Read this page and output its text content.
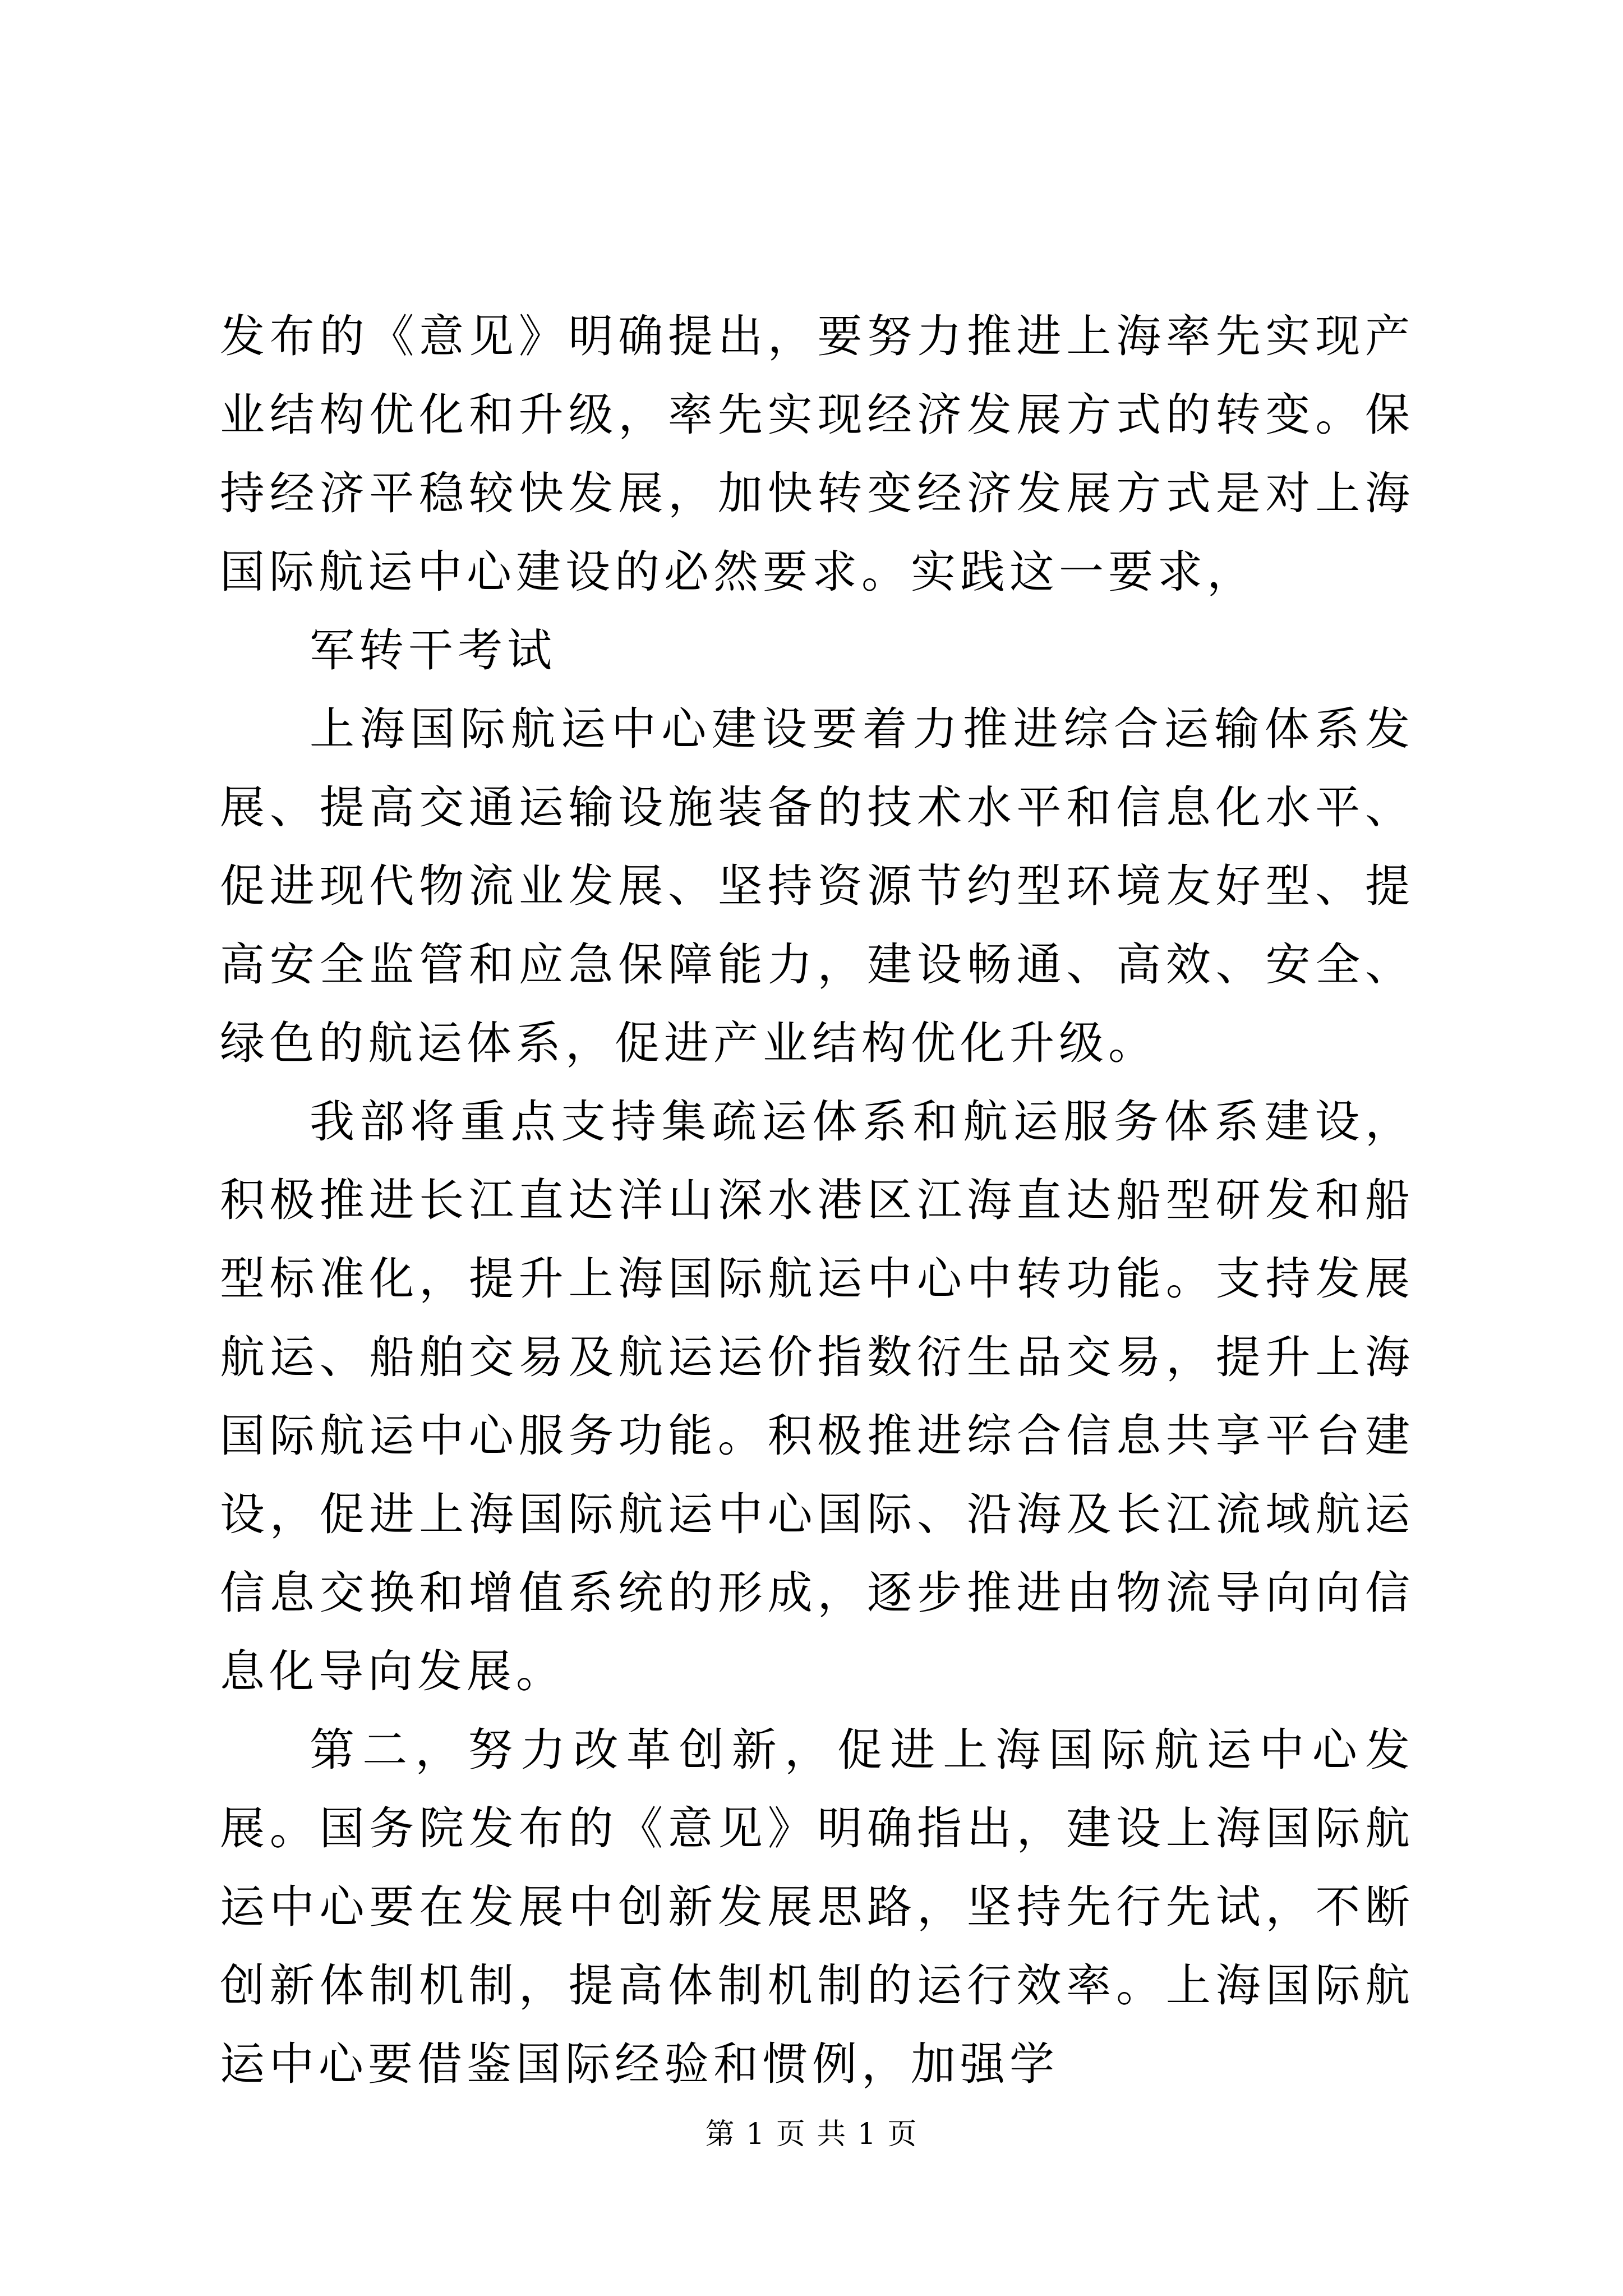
发布的《意见》明确提出，要努力推进上海率先实现产业结构优化和升级，率先实现经济发展方式的转变。保持经济平稳较快发展，加快转变经济发展方式是对上海国际航运中心建设的必然要求。实践这一要求，

军转干考试

上海国际航运中心建设要着力推进综合运输体系发展、提高交通运输设施装备的技术水平和信息化水平、促进现代物流业发展、坚持资源节约型环境友好型、提高安全监管和应急保障能力，建设畅通、高效、安全、绿色的航运体系，促进产业结构优化升级。

我部将重点支持集疏运体系和航运服务体系建设，积极推进长江直达洋山深水港区江海直达船型研发和船型标准化，提升上海国际航运中心中转功能。支持发展航运、船舶交易及航运运价指数衍生品交易，提升上海国际航运中心服务功能。积极推进综合信息共享平台建设，促进上海国际航运中心国际、沿海及长江流域航运信息交换和增值系统的形成，逐步推进由物流导向向信息化导向发展。

第二，努力改革创新，促进上海国际航运中心发展。国务院发布的《意见》明确指出，建设上海国际航运中心要在发展中创新发展思路，坚持先行先试，不断创新体制机制，提高体制机制的运行效率。上海国际航运中心要借鉴国际经验和惯例，加强学

第 1 页 共 1 页
